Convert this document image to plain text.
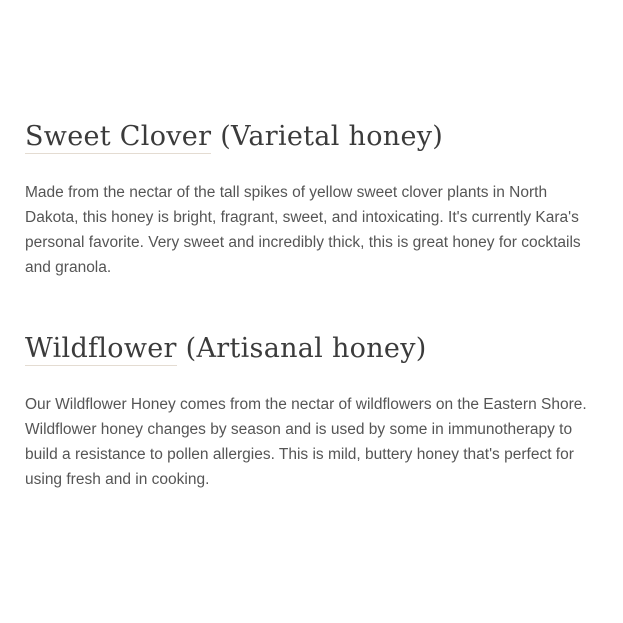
Sweet Clover (Varietal honey)

Made from the nectar of the tall spikes of yellow sweet clover plants in North Dakota, this honey is bright, fragrant, sweet, and intoxicating. It's currently Kara's personal favorite. Very sweet and incredibly thick, this is great honey for cocktails and granola.

Wildflower (Artisanal honey)

Our Wildflower Honey comes from the nectar of wildflowers on the Eastern Shore. Wildflower honey changes by season and is used by some in immunotherapy to build a resistance to pollen allergies. This is mild, buttery honey that's perfect for using fresh and in cooking.
